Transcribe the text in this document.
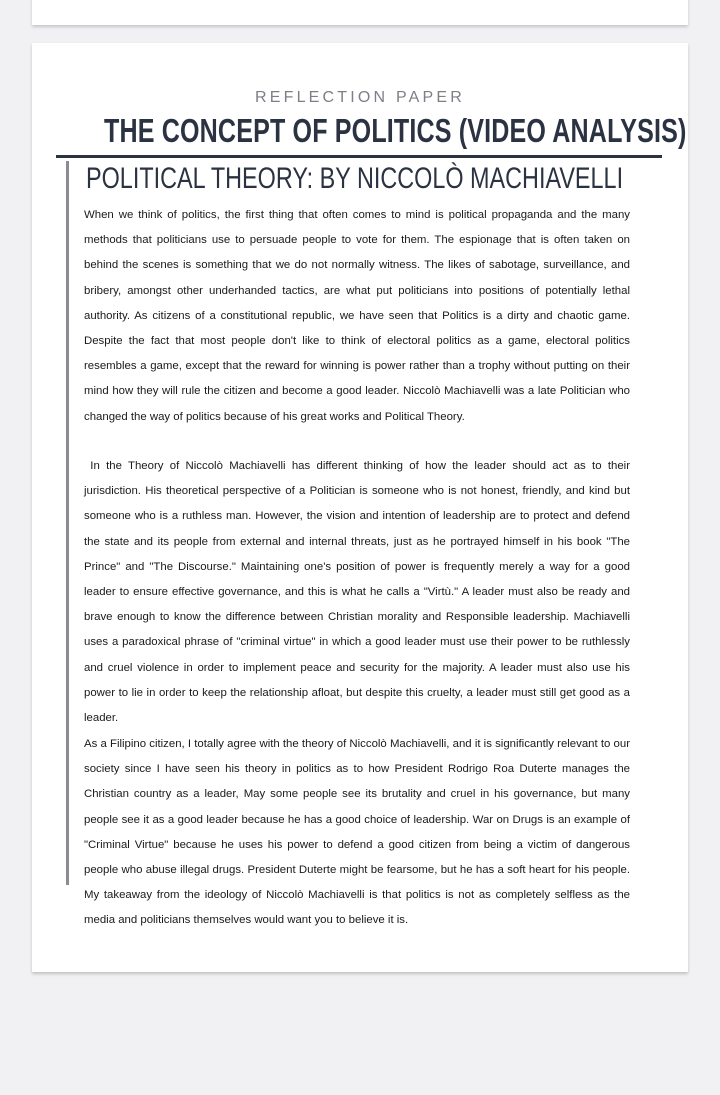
REFLECTION PAPER
THE CONCEPT OF POLITICS (VIDEO ANALYSIS)
POLITICAL THEORY: BY NICCOLÒ MACHIAVELLI

When we think of politics, the first thing that often comes to mind is political propaganda and the many methods that politicians use to persuade people to vote for them. The espionage that is often taken on behind the scenes is something that we do not normally witness. The likes of sabotage, surveillance, and bribery, amongst other underhanded tactics, are what put politicians into positions of potentially lethal authority. As citizens of a constitutional republic, we have seen that Politics is a dirty and chaotic game. Despite the fact that most people don't like to think of electoral politics as a game, electoral politics resembles a game, except that the reward for winning is power rather than a trophy without putting on their mind how they will rule the citizen and become a good leader. Niccolò Machiavelli was a late Politician who changed the way of politics because of his great works and Political Theory.

In the Theory of Niccolò Machiavelli has different thinking of how the leader should act as to their jurisdiction. His theoretical perspective of a Politician is someone who is not honest, friendly, and kind but someone who is a ruthless man. However, the vision and intention of leadership are to protect and defend the state and its people from external and internal threats, just as he portrayed himself in his book "The Prince" and "The Discourse." Maintaining one's position of power is frequently merely a way for a good leader to ensure effective governance, and this is what he calls a "Virtù." A leader must also be ready and brave enough to know the difference between Christian morality and Responsible leadership. Machiavelli uses a paradoxical phrase of "criminal virtue" in which a good leader must use their power to be ruthlessly and cruel violence in order to implement peace and security for the majority. A leader must also use his power to lie in order to keep the relationship afloat, but despite this cruelty, a leader must still get good as a leader.

As a Filipino citizen, I totally agree with the theory of Niccolò Machiavelli, and it is significantly relevant to our society since I have seen his theory in politics as to how President Rodrigo Roa Duterte manages the Christian country as a leader, May some people see its brutality and cruel in his governance, but many people see it as a good leader because he has a good choice of leadership. War on Drugs is an example of "Criminal Virtue" because he uses his power to defend a good citizen from being a victim of dangerous people who abuse illegal drugs. President Duterte might be fearsome, but he has a soft heart for his people. My takeaway from the ideology of Niccolò Machiavelli is that politics is not as completely selfless as the media and politicians themselves would want you to believe it is.
